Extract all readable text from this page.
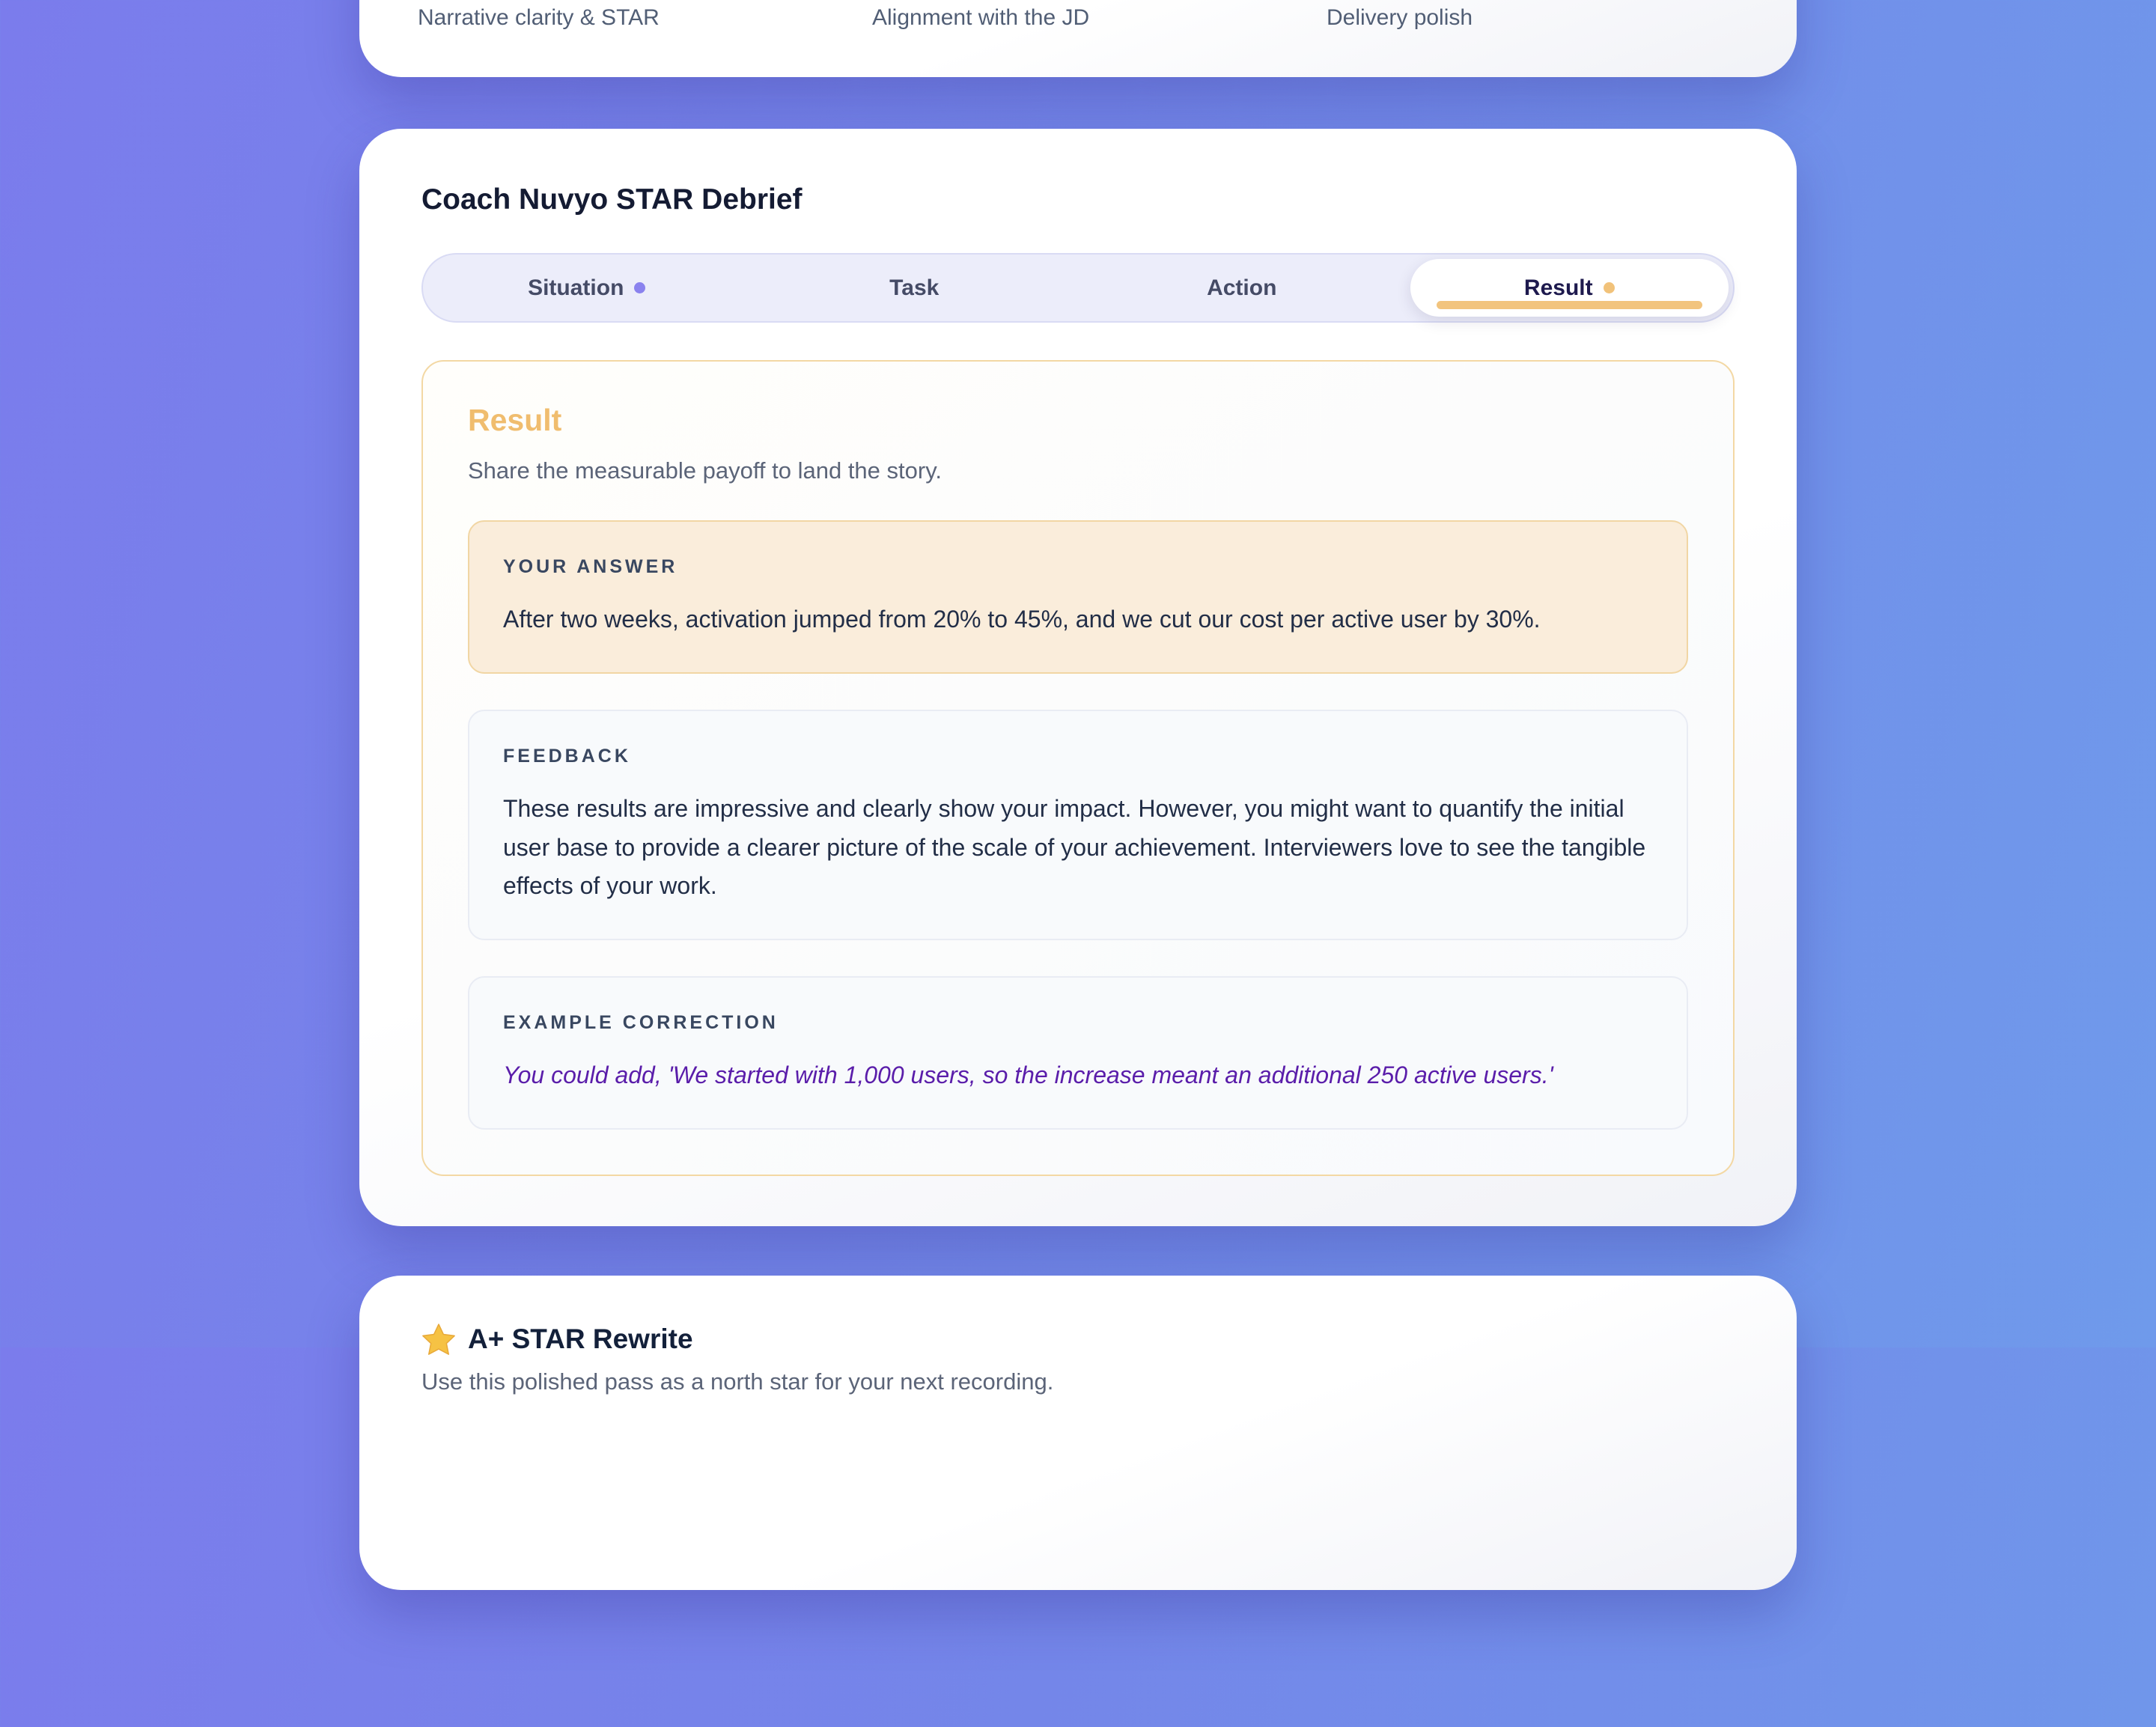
Narrative clarity & STAR	Alignment with the JD	Delivery polish
Coach Nuvyo STAR Debrief
Situation	Task	Action	Result
Result
Share the measurable payoff to land the story.
YOUR ANSWER
After two weeks, activation jumped from 20% to 45%, and we cut our cost per active user by 30%.
FEEDBACK
These results are impressive and clearly show your impact. However, you might want to quantify the initial user base to provide a clearer picture of the scale of your achievement. Interviewers love to see the tangible effects of your work.
EXAMPLE CORRECTION
You could add, 'We started with 1,000 users, so the increase meant an additional 250 active users.'
A+ STAR Rewrite
Use this polished pass as a north star for your next recording.
